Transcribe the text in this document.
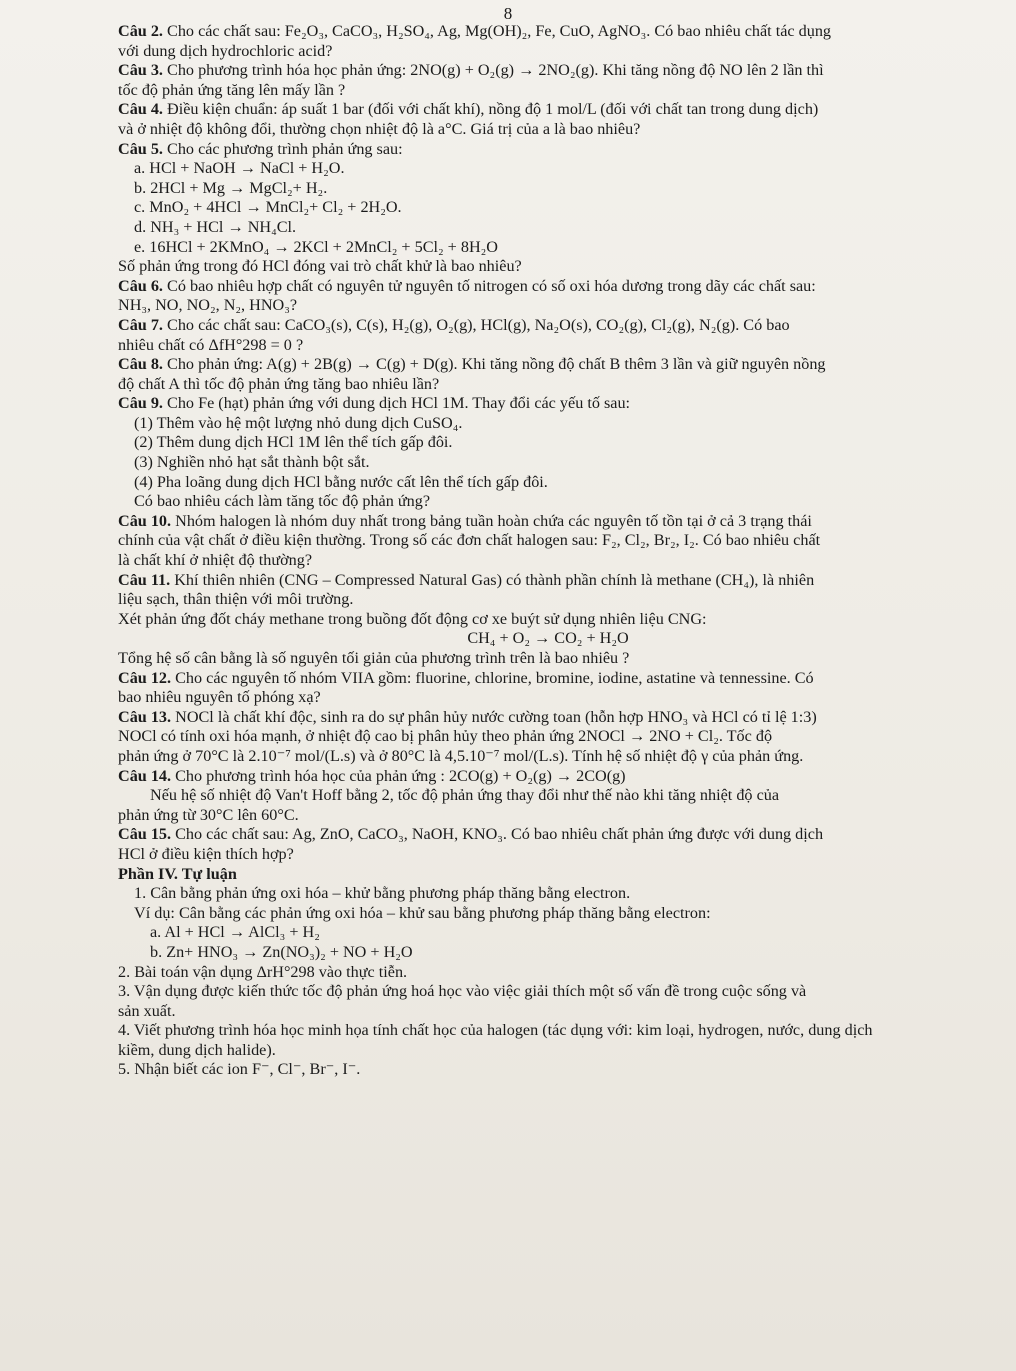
8

Câu 2. Cho các chất sau: Fe₂O₃, CaCO₃, H₂SO₄, Ag, Mg(OH)₂, Fe, CuO, AgNO₃. Có bao nhiêu chất tác dụng

với dung dịch hydrochloric acid?

Câu 3. Cho phương trình hóa học phản ứng: 2NO(g) + O₂(g) → 2NO₂(g). Khi tăng nồng độ NO lên 2 lần thì

tốc độ phản ứng tăng lên mấy lần ?

Câu 4. Điều kiện chuẩn: áp suất 1 bar (đối với chất khí), nồng độ 1 mol/L (đối với chất tan trong dung dịch)

và ở nhiệt độ không đổi, thường chọn nhiệt độ là a°C. Giá trị của a là bao nhiêu?

Câu 5. Cho các phương trình phản ứng sau:

a. HCl + NaOH → NaCl + H₂O.

b. 2HCl + Mg → MgCl₂+ H₂.

c. MnO₂ + 4HCl → MnCl₂+ Cl₂ + 2H₂O.

d. NH₃ + HCl → NH₄Cl.

e. 16HCl + 2KMnO₄ → 2KCl + 2MnCl₂ + 5Cl₂ + 8H₂O

Số phản ứng trong đó HCl đóng vai trò chất khử là bao nhiêu?

Câu 6. Có bao nhiêu hợp chất có nguyên tử nguyên tố nitrogen có số oxi hóa dương trong dãy các chất sau:

NH₃, NO, NO₂, N₂, HNO₃?

Câu 7. Cho các chất sau: CaCO₃(s), C(s), H₂(g), O₂(g), HCl(g), Na₂O(s), CO₂(g), Cl₂(g), N₂(g). Có bao

nhiêu chất có ΔfH°298 = 0 ?

Câu 8. Cho phản ứng: A(g) + 2B(g) → C(g) + D(g). Khi tăng nồng độ chất B thêm 3 lần và giữ nguyên nồng

độ chất A thì tốc độ phản ứng tăng bao nhiêu lần?

Câu 9. Cho Fe (hạt) phản ứng với dung dịch HCl 1M. Thay đổi các yếu tố sau:

(1) Thêm vào hệ một lượng nhỏ dung dịch CuSO₄.

(2) Thêm dung dịch HCl 1M lên thể tích gấp đôi.

(3) Nghiền nhỏ hạt sắt thành bột sắt.

(4) Pha loãng dung dịch HCl bằng nước cất lên thể tích gấp đôi.

Có bao nhiêu cách làm tăng tốc độ phản ứng?

Câu 10. Nhóm halogen là nhóm duy nhất trong bảng tuần hoàn chứa các nguyên tố tồn tại ở cả 3 trạng thái

chính của vật chất ở điều kiện thường. Trong số các đơn chất halogen sau: F₂, Cl₂, Br₂, I₂. Có bao nhiêu chất

là chất khí ở nhiệt độ thường?

Câu 11. Khí thiên nhiên (CNG – Compressed Natural Gas) có thành phần chính là methane (CH₄), là nhiên

liệu sạch, thân thiện với môi trường.

Xét phản ứng đốt cháy methane trong buồng đốt động cơ xe buýt sử dụng nhiên liệu CNG:

CH₄ + O₂ → CO₂ + H₂O

Tổng hệ số cân bằng là số nguyên tối giản của phương trình trên là bao nhiêu ?

Câu 12. Cho các nguyên tố nhóm VIIA gồm: fluorine, chlorine, bromine, iodine, astatine và tennessine. Có

bao nhiêu nguyên tố phóng xạ?

Câu 13. NOCl là chất khí độc, sinh ra do sự phân hủy nước cường toan (hỗn hợp HNO₃ và HCl có tỉ lệ 1:3)

NOCl có tính oxi hóa mạnh, ở nhiệt độ cao bị phân hủy theo phản ứng 2NOCl → 2NO + Cl₂. Tốc độ

phản ứng ở 70°C là 2.10⁻⁷ mol/(L.s) và ở 80°C là 4,5.10⁻⁷ mol/(L.s). Tính hệ số nhiệt độ γ của phản ứng.

Câu 14. Cho phương trình hóa học của phản ứng : 2CO(g) + O₂(g) → 2CO(g)

Nếu hệ số nhiệt độ Van't Hoff bằng 2, tốc độ phản ứng thay đổi như thế nào khi tăng nhiệt độ của

phản ứng từ 30°C lên 60°C.

Câu 15. Cho các chất sau: Ag, ZnO, CaCO₃, NaOH, KNO₃. Có bao nhiêu chất phản ứng được với dung dịch

HCl ở điều kiện thích hợp?

Phần IV. Tự luận

1. Cân bằng phản ứng oxi hóa – khử bằng phương pháp thăng bằng electron.

Ví dụ: Cân bằng các phản ứng oxi hóa – khử sau bằng phương pháp thăng bằng electron:

a. Al + HCl → AlCl₃ + H₂

b. Zn+ HNO₃ → Zn(NO₃)₂ + NO + H₂O

2. Bài toán vận dụng ΔrH°298 vào thực tiễn.

3. Vận dụng được kiến thức tốc độ phản ứng hoá học vào việc giải thích một số vấn đề trong cuộc sống và

sản xuất.

4. Viết phương trình hóa học minh họa tính chất học của halogen (tác dụng với: kim loại, hydrogen, nước, dung dịch

kiềm, dung dịch halide).

5. Nhận biết các ion F⁻, Cl⁻, Br⁻, I⁻.
